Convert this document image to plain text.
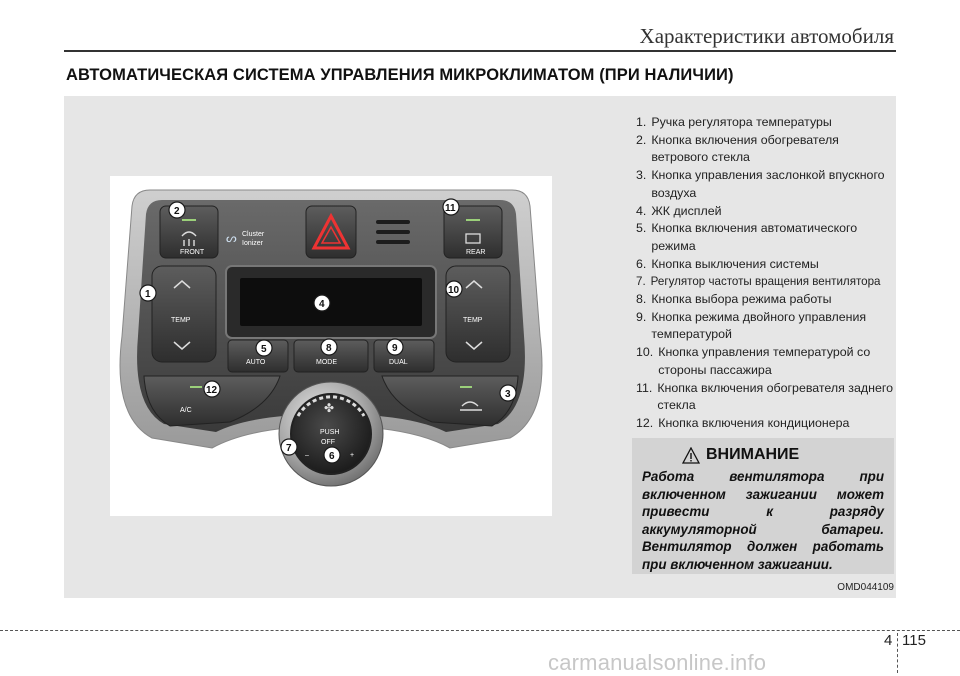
Характеристики автомобиля
АВТОМАТИЧЕСКАЯ СИСТЕМА УПРАВЛЕНИЯ МИКРОКЛИМАТОМ (ПРИ НАЛИЧИИ)
FRONT	REAR
ᔕ Cluster
Ionizer
TEMP	TEMP
AUTO	MODE	DUAL
A/C	✤
PUSH
OFF
–	+
1
2
3
4
5
6
7
8	9
10
11
12
1. Ручка регулятора температуры
2. Кнопка включения обогревателя ветрового стекла
3. Кнопка управления заслонкой впускного воздуха
4. ЖК дисплей
5. Кнопка включения автоматического режима
6. Кнопка выключения системы
7. Регулятор частоты вращения вентилятора
8. Кнопка выбора режима работы
9. Кнопка режима двойного управления температурой
10. Кнопка управления температурой со стороны пассажира
11. Кнопка включения обогревателя заднего стекла
12. Кнопка включения кондиционера
ВНИМАНИЕ
Работа вентилятора при включенном зажигании может привести к разряду аккумуляторной батареи. Вентилятор должен работать при включенном зажигании.
OMD044109
4 115
carmanualsonline.info
